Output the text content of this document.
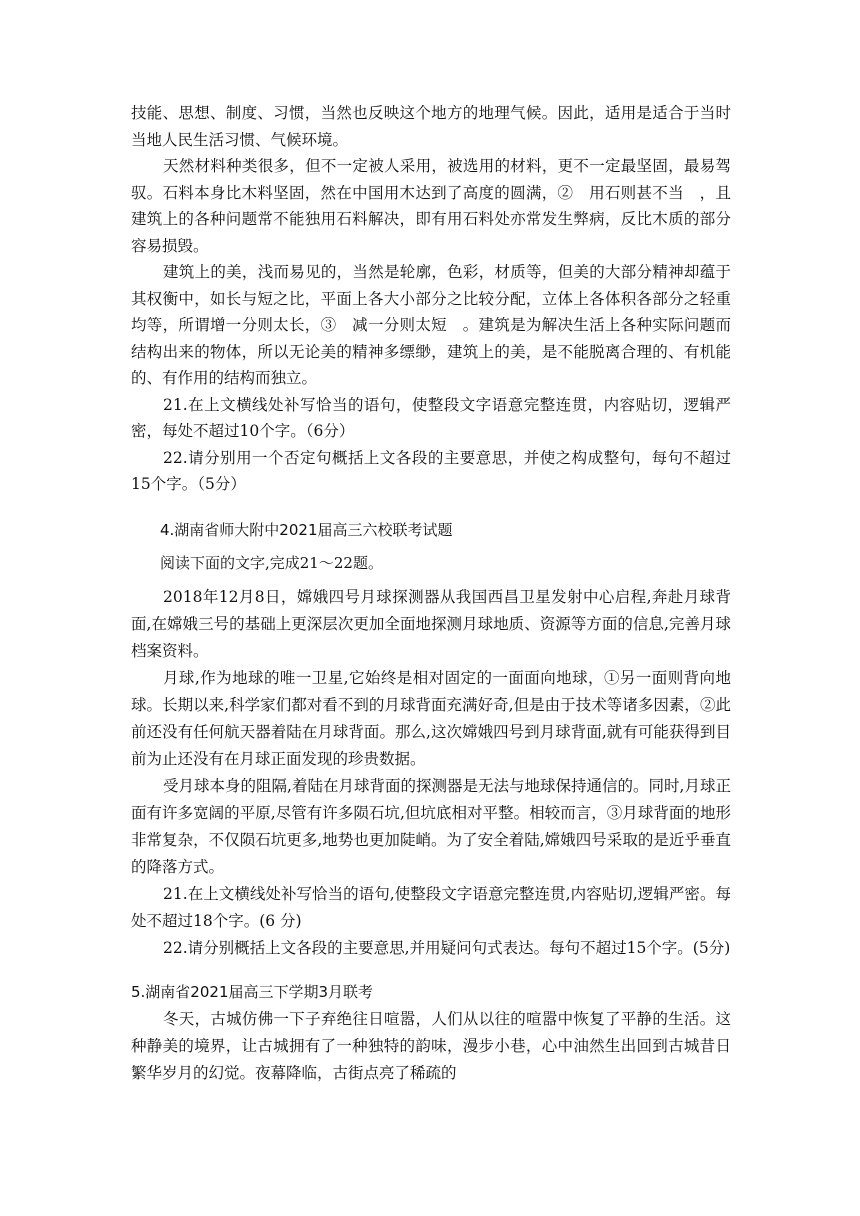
技能、思想、制度、习惯，当然也反映这个地方的地理气候。因此，适用是适合于当时当地人民生活习惯、气候环境。

天然材料种类很多，但不一定被人采用，被选用的材料，更不一定最坚固，最易驾驭。石料本身比木料坚固，然在中国用木达到了高度的圆满，②　用石则甚不当　，且建筑上的各种问题常不能独用石料解决，即有用石料处亦常发生弊病，反比木质的部分容易损毁。

建筑上的美，浅而易见的，当然是轮廓，色彩，材质等，但美的大部分精神却蕴于其权衡中，如长与短之比，平面上各大小部分之比较分配，立体上各体积各部分之轻重均等，所谓增一分则太长，③　减一分则太短　。建筑是为解决生活上各种实际问题而结构出来的物体，所以无论美的精神多缥缈，建筑上的美，是不能脱离合理的、有机能的、有作用的结构而独立。

21.在上文横线处补写恰当的语句，使整段文字语意完整连贯，内容贴切，逻辑严密，每处不超过10个字。（6分）

22.请分别用一个否定句概括上文各段的主要意思，并使之构成整句，每句不超过15个字。（5分）

4.湖南省师大附中2021届高三六校联考试题
阅读下面的文字,完成21～22题。

2018年12月8日，嫦娥四号月球探测器从我国西昌卫星发射中心启程,奔赴月球背面,在嫦娥三号的基础上更深层次更加全面地探测月球地质、资源等方面的信息,完善月球档案资料。

月球,作为地球的唯一卫星,它始终是相对固定的一面面向地球，①另一面则背向地球。长期以来,科学家们都对看不到的月球背面充满好奇,但是由于技术等诸多因素，②此前还没有任何航天器着陆在月球背面。那么,这次嫦娥四号到月球背面,就有可能获得到目前为止还没有在月球正面发现的珍贵数据。

受月球本身的阻隔,着陆在月球背面的探测器是无法与地球保持通信的。同时,月球正面有许多宽阔的平原,尽管有许多陨石坑,但坑底相对平整。相较而言，③月球背面的地形非常复杂，不仅陨石坑更多,地势也更加陡峭。为了安全着陆,嫦娥四号采取的是近乎垂直的降落方式。

21.在上文横线处补写恰当的语句,使整段文字语意完整连贯,内容贴切,逻辑严密。每处不超过18个字。(6 分)

22.请分别概括上文各段的主要意思,并用疑问句式表达。每句不超过15个字。(5分)

5.湖南省2021届高三下学期3月联考

冬天，古城仿佛一下子弃绝往日喧嚣，人们从以往的喧嚣中恢复了平静的生活。这种静美的境界，让古城拥有了一种独特的韵味，漫步小巷，心中油然生出回到古城昔日繁华岁月的幻觉。夜幕降临，古街点亮了稀疏的
